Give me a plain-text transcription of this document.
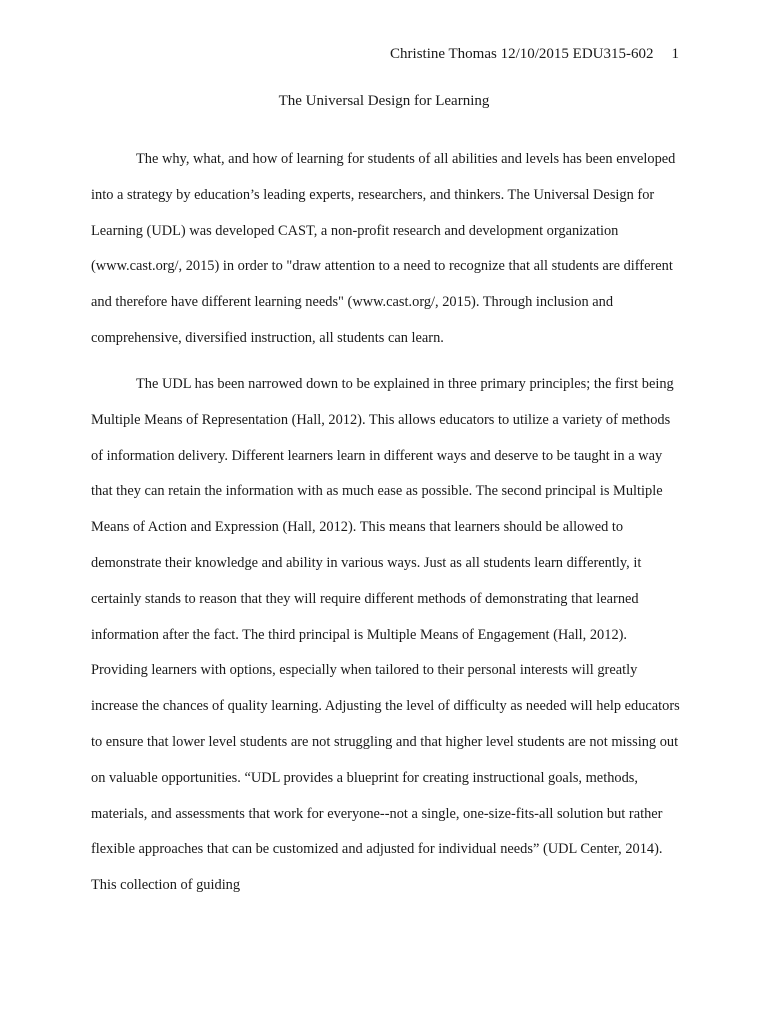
Christine Thomas 12/10/2015 EDU315-602 1
The Universal Design for Learning

The why, what, and how of learning for students of all abilities and levels has been enveloped into a strategy by education’s leading experts, researchers, and thinkers. The Universal Design for Learning (UDL) was developed CAST, a non-profit research and development organization (www.cast.org/, 2015) in order to "draw attention to a need to recognize that all students are different and therefore have different learning needs" (www.cast.org/, 2015). Through inclusion and comprehensive, diversified instruction, all students can learn.

The UDL has been narrowed down to be explained in three primary principles; the first being Multiple Means of Representation (Hall, 2012). This allows educators to utilize a variety of methods of information delivery. Different learners learn in different ways and deserve to be taught in a way that they can retain the information with as much ease as possible. The second principal is Multiple Means of Action and Expression (Hall, 2012). This means that learners should be allowed to demonstrate their knowledge and ability in various ways. Just as all students learn differently, it certainly stands to reason that they will require different methods of demonstrating that learned information after the fact. The third principal is Multiple Means of Engagement (Hall, 2012). Providing learners with options, especially when tailored to their personal interests will greatly increase the chances of quality learning. Adjusting the level of difficulty as needed will help educators to ensure that lower level students are not struggling and that higher level students are not missing out on valuable opportunities. “UDL provides a blueprint for creating instructional goals, methods, materials, and assessments that work for everyone--not a single, one-size-fits-all solution but rather flexible approaches that can be customized and adjusted for individual needs” (UDL Center, 2014). This collection of guiding
